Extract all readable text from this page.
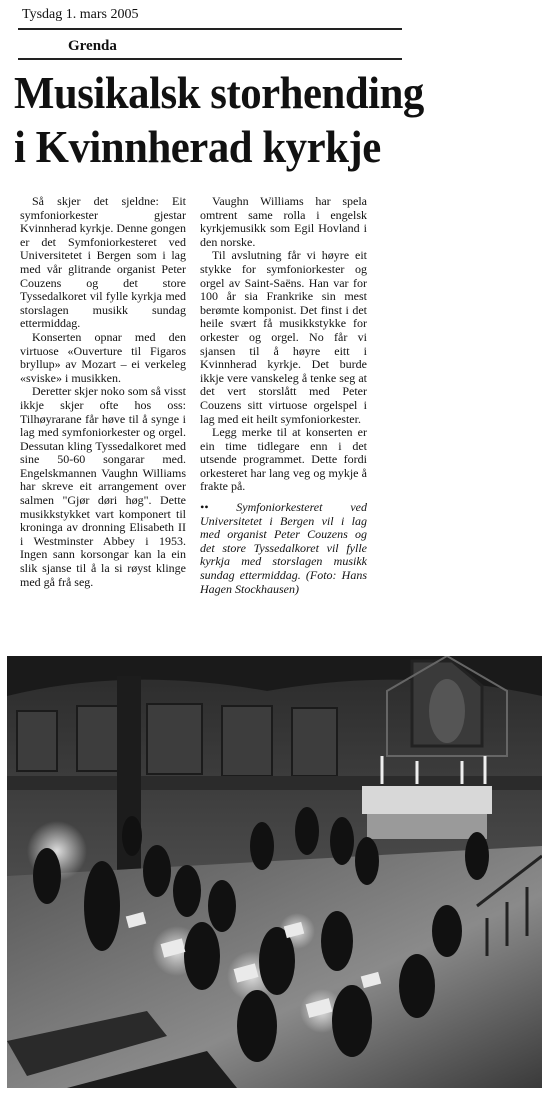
Tysdag 1. mars 2005
Grenda
Musikalsk storhending
i Kvinnherad kyrkje

Så skjer det sjeldne: Eit symfoniorkester gjestar Kvinnherad kyrkje. Denne gongen er det Symfoniorkesteret ved Universitetet i Bergen som i lag med vår glitrande organist Peter Couzens og det store Tyssedalkoret vil fylle kyrkja med storslagen musikk sundag ettermiddag.

Konserten opnar med den virtuose «Ouverture til Figaros bryllup» av Mozart – ei verkeleg «sviske» i musikken.

Deretter skjer noko som så visst ikkje skjer ofte hos oss: Tilhøyrarane får høve til å synge i lag med symfoniorkester og orgel. Dessutan kling Tyssedalkoret med sine 50-60 songarar med. Engelskmannen Vaughn Williams har skreve eit arrangement over salmen "Gjør døri høg". Dette musikkstykket vart komponert til kroninga av dronning Elisabeth II i Westminster Abbey i 1953. Ingen sann korsongar kan la ein slik sjanse til å la si røyst klinge med gå frå seg.

Vaughn Williams har spela omtrent same rolla i engelsk kyrkjemusikk som Egil Hovland i den norske.

Til avslutning får vi høyre eit stykke for symfoniorkester og orgel av Saint-Saëns. Han var for 100 år sia Frankrike sin mest berømte komponist. Det finst i det heile svært få musikkstykke for orkester og orgel. No får vi sjansen til å høyre eitt i Kvinnherad kyrkje. Det burde ikkje vere vanskeleg å tenke seg at det vert storslått med Peter Couzens sitt virtuose orgelspel i lag med eit heilt symfoniorkester.

Legg merke til at konserten er ein time tidlegare enn i det utsende programmet. Dette fordi orkesteret har lang veg og mykje å frakte på.

•• Symfoniorkesteret ved Universitetet i Bergen vil i lag med organist Peter Couzens og det store Tyssedalkoret vil fylle kyrkja med storslagen musikk sundag ettermiddag. (Foto: Hans Hagen Stockhausen)
